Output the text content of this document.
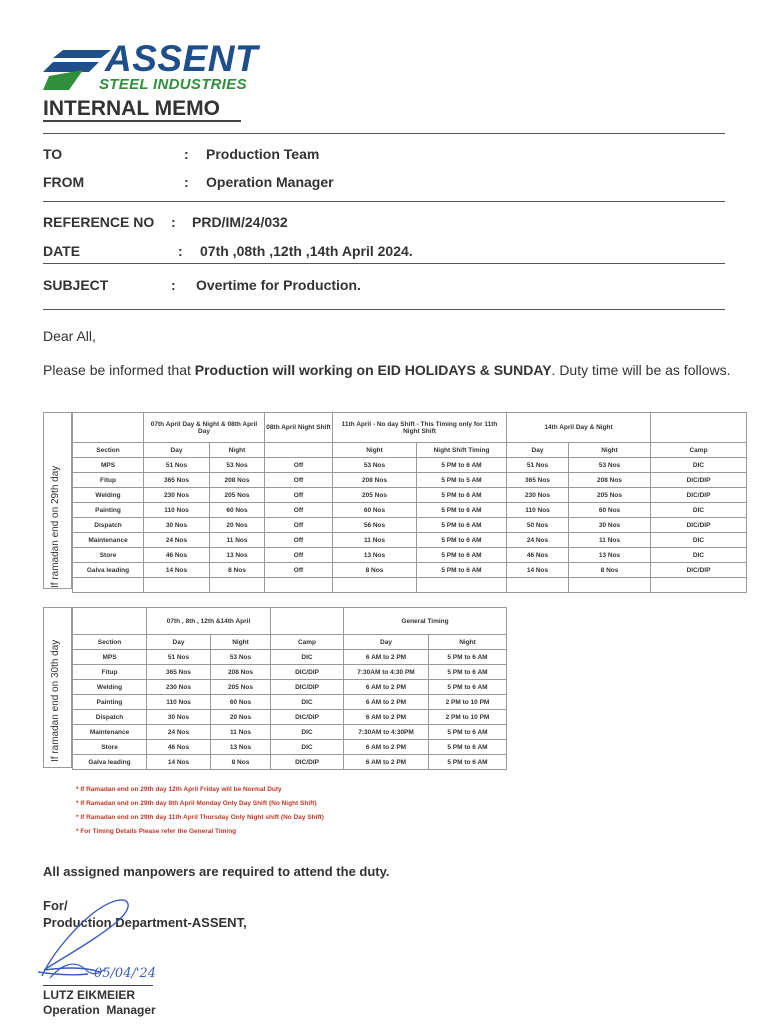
ASSENT
STEEL INDUSTRIES
INTERNAL MEMO
TO	: Production Team
FROM	: Operation Manager
REFERENCE NO : PRD/IM/24/032
DATE	: 07th ,08th ,12th ,14th April 2024.
SUBJECT	: Overtime for Production.
Dear All,
Please be informed that Production will working on EID HOLIDAYS & SUNDAY. Duty time will be as follows.
If ramadan end on 29th day
	07th April Day & Night & 08th April Day		08th April Night Shift	11th April - No day Shift - This Timing only for 11th Night Shift		14th April Day & Night		
Section	Day	Night		Night	Night Shift Timing	Day	Night	Camp
MPS	51 Nos	53 Nos	Off	53 Nos	5 PM to 6 AM	51 Nos	53 Nos	DIC
Fitup	365 Nos	208 Nos	Off	208 Nos	5 PM to 5 AM	365 Nos	208 Nos	DIC/DIP
Welding	230 Nos	205 Nos	Off	205 Nos	5 PM to 6 AM	230 Nos	205 Nos	DIC/DIP
Painting	110 Nos	60 Nos	Off	60 Nos	5 PM to 6 AM	110 Nos	60 Nos	DIC
Dispatch	30 Nos	20 Nos	Off	56 Nos	5 PM to 6 AM	50 Nos	30 Nos	DIC/DIP
Maintenance	24 Nos	11 Nos	Off	11 Nos	5 PM to 6 AM	24 Nos	11 Nos	DIC
Store	46 Nos	13 Nos	Off	13 Nos	5 PM to 6 AM	46 Nos	13 Nos	DIC
Galva leading	14 Nos	8 Nos	Off	8 Nos	5 PM to 6 AM	14 Nos	8 Nos	DIC/DIP

If ramadan end on 30th day
	07th , 8th , 12th &14th April			General Timing	
Section	Day	Night	Camp	Day	Night
MPS	51 Nos	53 Nos	DIC	6 AM to 2 PM	5 PM to 6 AM
Fitup	365 Nos	208 Nos	DIC/DIP	7:30AM to 4:30 PM	5 PM to 6 AM
Welding	230 Nos	205 Nos	DIC/DIP	6 AM to 2 PM	5 PM to 6 AM
Painting	110 Nos	60 Nos	DIC	6 AM to 2 PM	2 PM to 10 PM
Dispatch	30 Nos	20 Nos	DIC/DIP	6 AM to 2 PM	2 PM to 10 PM
Maintenance	24 Nos	11 Nos	DIC	7:30AM to 4:30PM	5 PM to 6 AM
Store	46 Nos	13 Nos	DIC	6 AM to 2 PM	5 PM to 6 AM
Galva leading	14 Nos	8 Nos	DIC/DIP	6 AM to 2 PM	5 PM to 6 AM
* If Ramadan end on 29th day 12th April Friday will be Normal Duty
* If Ramadan end on 29th day 8th April Monday Only Day Shift (No Night Shift)
* If Ramadan end on 29th day 11th April Thursday Only Night shift (No Day Shift)
* For Timing Details Please refer the General Timing
All assigned manpowers are required to attend the duty.
For/
Production Department-ASSENT,
05/04/'24
LUTZ EIKMEIER
Operation  Manager
